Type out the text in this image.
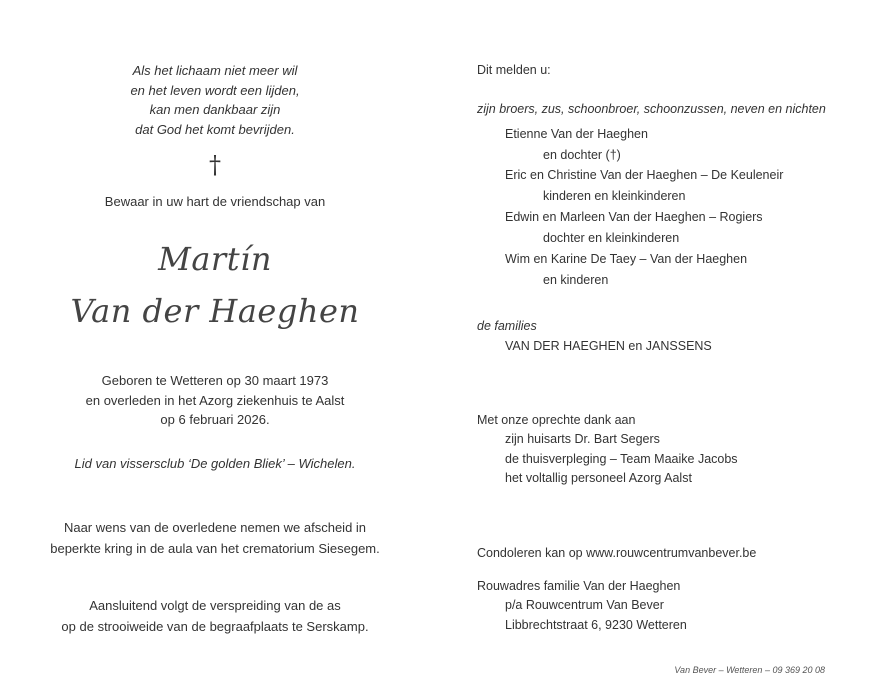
Als het lichaam niet meer wil
en het leven wordt een lijden,
kan men dankbaar zijn
dat God het komt bevrijden.
†
Bewaar in uw hart de vriendschap van
Martín
Van der Haeghen
Geboren te Wetteren op 30 maart 1973
en overleden in het Azorg ziekenhuis te Aalst
op 6 februari 2026.
Lid van vissersclub ‘De golden Bliek’ – Wichelen.
Naar wens van de overledene nemen we afscheid in
beperkte kring in de aula van het crematorium Siesegem.
Aansluitend volgt de verspreiding van de as
op de strooiweide van de begraafplaats te Serskamp.
Dit melden u:
zijn broers, zus, schoonbroer, schoonzussen, neven en nichten
Etienne Van der Haeghen
en dochter (†)
Eric en Christine Van der Haeghen – De Keuleneir
kinderen en kleinkinderen
Edwin en Marleen Van der Haeghen – Rogiers
dochter en kleinkinderen
Wim en Karine De Taey – Van der Haeghen
en kinderen
de families
VAN DER HAEGHEN en JANSSENS
Met onze oprechte dank aan
zijn huisarts Dr. Bart Segers
de thuisverpleging – Team Maaike Jacobs
het voltallig personeel Azorg Aalst
Condoleren kan op www.rouwcentrumvanbever.be
Rouwadres familie Van der Haeghen
p/a Rouwcentrum Van Bever
Libbrechtstraat 6, 9230 Wetteren
Van Bever – Wetteren – 09 369 20 08
